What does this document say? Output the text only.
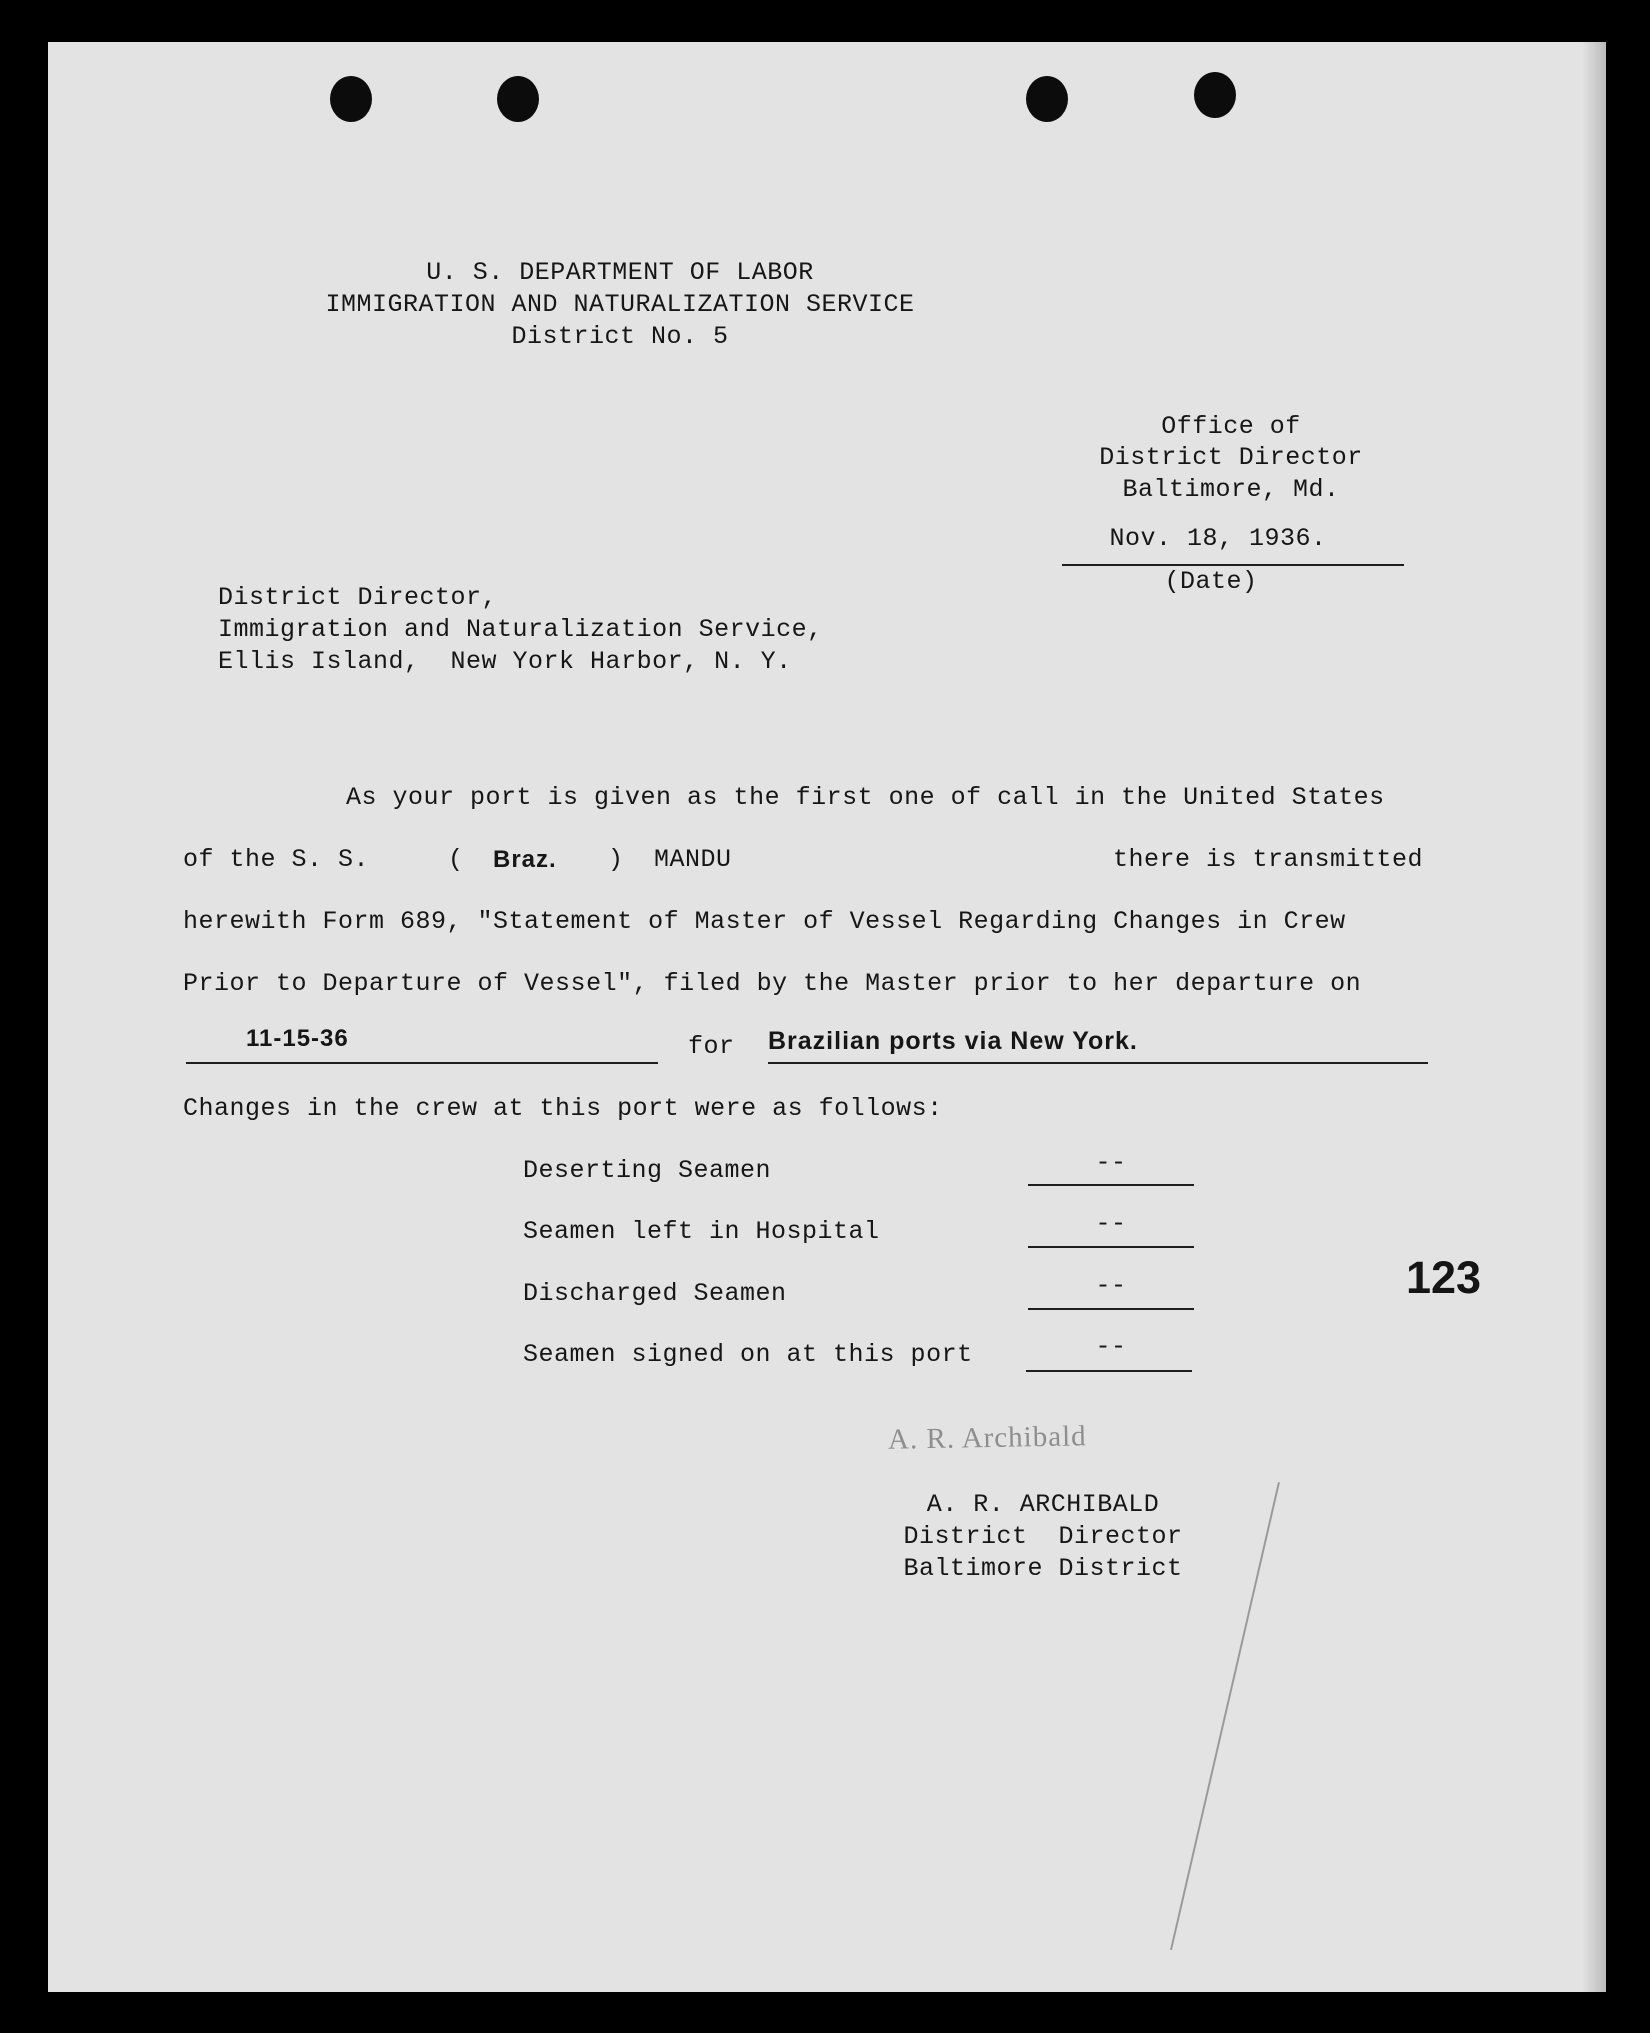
U. S. DEPARTMENT OF LABOR
IMMIGRATION AND NATURALIZATION SERVICE
District No. 5
Office of
District Director
Baltimore, Md.
Nov. 18, 1936.
(Date)
District Director,
Immigration and Naturalization Service,
Ellis Island,  New York Harbor, N. Y.
As your port is given as the first one of call in the United States
of the S. S.	( Braz. ) MANDU	there is transmitted
herewith Form 689, "Statement of Master of Vessel Regarding Changes in Crew
Prior to Departure of Vessel", filed by the Master prior to her departure on
11-15-36	for Brazilian ports via New York.
Changes in the crew at this port were as follows:
Deserting Seamen	--
Seamen left in Hospital	--
Discharged Seamen	--
Seamen signed on at this port	--
123
A. R. Archibald
A. R. ARCHIBALD
District  Director
Baltimore District
